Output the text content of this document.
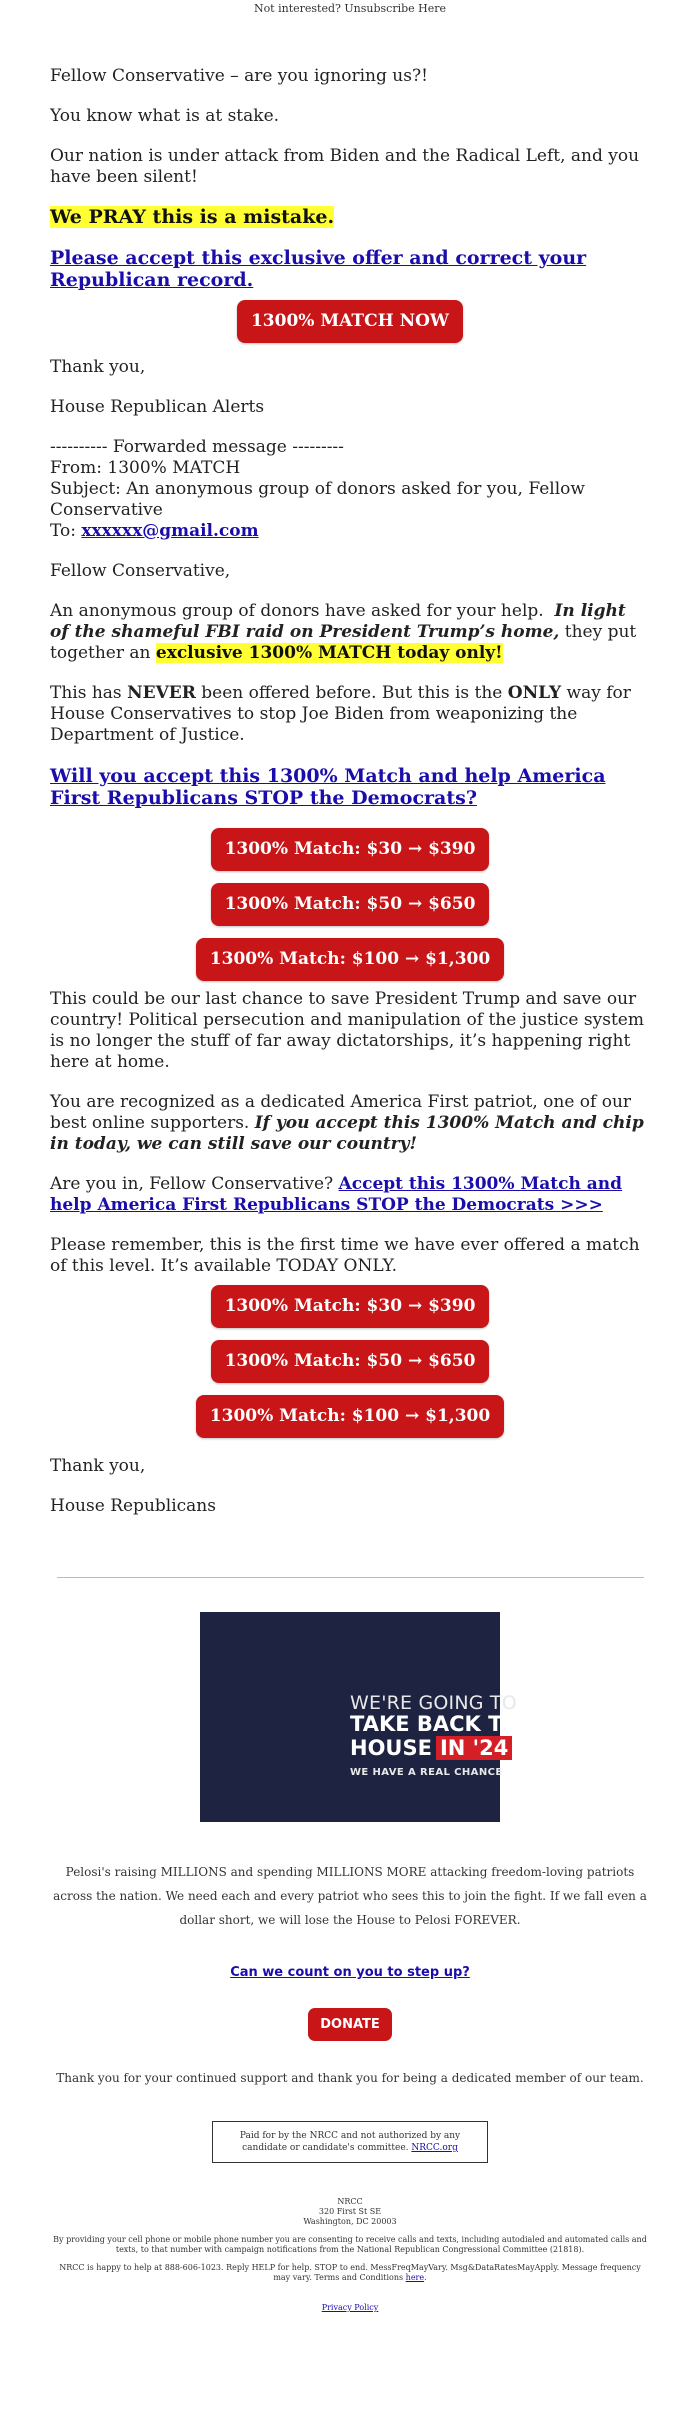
Not interested? Unsubscribe Here

Fellow Conservative – are you ignoring us?!

You know what is at stake.

Our nation is under attack from Biden and the Radical Left, and you have been silent!

We PRAY this is a mistake.

Please accept this exclusive offer and correct your Republican record.

1300% MATCH NOW

Thank you,

House Republican Alerts

---------- Forwarded message ---------
From: 1300% MATCH
Subject: An anonymous group of donors asked for you, Fellow Conservative
To: xxxxxx@gmail.com

Fellow Conservative,

An anonymous group of donors have asked for your help. In light of the shameful FBI raid on President Trump’s home, they put together an exclusive 1300% MATCH today only!

This has NEVER been offered before. But this is the ONLY way for House Conservatives to stop Joe Biden from weaponizing the Department of Justice.

Will you accept this 1300% Match and help America First Republicans STOP the Democrats?

1300% Match: $30 → $390
1300% Match: $50 → $650
1300% Match: $100 → $1,300

This could be our last chance to save President Trump and save our country! Political persecution and manipulation of the justice system is no longer the stuff of far away dictatorships, it’s happening right here at home.

You are recognized as a dedicated America First patriot, one of our best online supporters. If you accept this 1300% Match and chip in today, we can still save our country!

Are you in, Fellow Conservative? Accept this 1300% Match and help America First Republicans STOP the Democrats >>>

Please remember, this is the first time we have ever offered a match of this level. It’s available TODAY ONLY.

1300% Match: $30 → $390
1300% Match: $50 → $650
1300% Match: $100 → $1,300

Thank you,

House Republicans

WE'RE GOING TO
TAKE BACK THE
HOUSE IN '24
WE HAVE A REAL CHANCE
Pelosi's raising MILLIONS and spending MILLIONS MORE attacking freedom-loving patriots across the nation. We need each and every patriot who sees this to join the fight. If we fall even a dollar short, we will lose the House to Pelosi FOREVER.
Can we count on you to step up?
DONATE
Thank you for your continued support and thank you for being a dedicated member of our team.
Paid for by the NRCC and not authorized by any candidate or candidate's committee. NRCC.org
NRCC
320 First St SE
Washington, DC 20003
By providing your cell phone or mobile phone number you are consenting to receive calls and texts, including autodialed and automated calls and texts, to that number with campaign notifications from the National Republican Congressional Committee (21818).
NRCC is happy to help at 888-606-1023. Reply HELP for help. STOP to end. MessFreqMayVary. Msg&DataRatesMayApply. Message frequency may vary. Terms and Conditions here.
Privacy Policy
